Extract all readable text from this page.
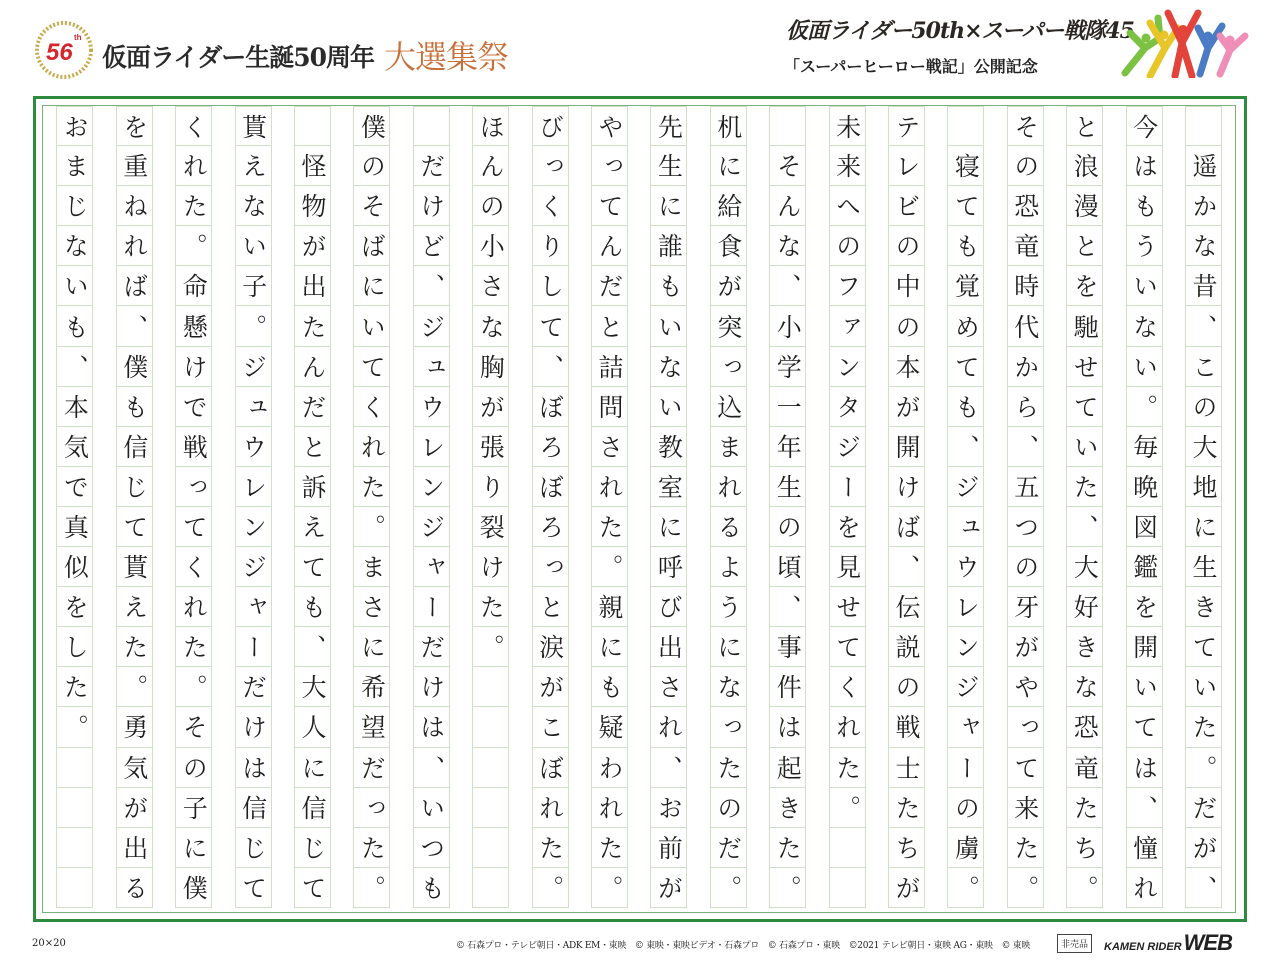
56
th
仮面ライダー生誕50周年 大選集祭
仮面ライダー50th×スーパー戦隊45
「スーパーヒーロー戦記」公開記念
遥
か
な
昔
、
こ
の
大
地
に
生
き
て
い
た
。
だ
が
、
今
は
も
う
い
な
い
。
毎
晩
図
鑑
を
開
い
て
は
、
憧
れ
と
浪
漫
と
を
馳
せ
て
い
た
、
大
好
き
な
恐
竜
た
ち
。
そ
の
恐
竜
時
代
か
ら
、
五
つ
の
牙
が
や
っ
て
来
た
。
寝
て
も
覚
め
て
も
、
ジ
ュ
ウ
レ
ン
ジ
ャ
ー
の
虜
。
テ
レ
ビ
の
中
の
本
が
開
け
ば
、
伝
説
の
戦
士
た
ち
が
未
来
へ
の
フ
ァ
ン
タ
ジ
ー
を
見
せ
て
く
れ
た
。
そ
ん
な
、
小
学
一
年
生
の
頃
、
事
件
は
起
き
た
。
机
に
給
食
が
突
っ
込
ま
れ
る
よ
う
に
な
っ
た
の
だ
。
先
生
に
誰
も
い
な
い
教
室
に
呼
び
出
さ
れ
、
お
前
が
や
っ
て
ん
だ
と
詰
問
さ
れ
た
。
親
に
も
疑
わ
れ
た
。
び
っ
く
り
し
て
、
ぼ
ろ
ぼ
ろ
っ
と
涙
が
こ
ぼ
れ
た
。
ほ
ん
の
小
さ
な
胸
が
張
り
裂
け
た
。
だ
け
ど
、
ジ
ュ
ウ
レ
ン
ジ
ャ
ー
だ
け
は
、
い
つ
も
僕
の
そ
ば
に
い
て
く
れ
た
。
ま
さ
に
希
望
だ
っ
た
。
怪
物
が
出
た
ん
だ
と
訴
え
て
も
、
大
人
に
信
じ
て
貰
え
な
い
子
。
ジ
ュ
ウ
レ
ン
ジ
ャ
ー
だ
け
は
信
じ
て
く
れ
た
。
命
懸
け
で
戦
っ
て
く
れ
た
。
そ
の
子
に
僕
を
重
ね
れ
ば
、
僕
も
信
じ
て
貰
え
た
。
勇
気
が
出
る
お
ま
じ
な
い
も
、
本
気
で
真
似
を
し
た
。
20×20	© 石森プロ・テレビ朝日・ADK EM・東映　© 東映・東映ビデオ・石森プロ　© 石森プロ・東映　©2021 テレビ朝日・東映 AG・東映　© 東映	非売品	KAMEN RIDERWEB
